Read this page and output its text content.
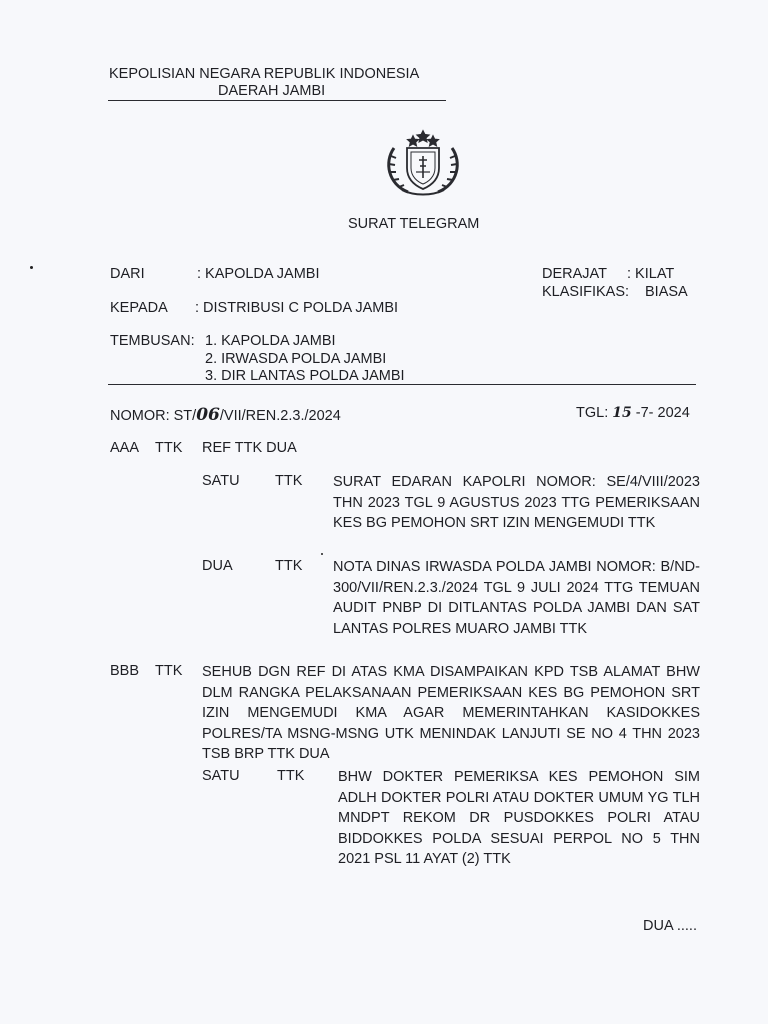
KEPOLISIAN NEGARA REPUBLIK INDONESIA
DAERAH JAMBI
SURAT TELEGRAM
DARI	: KAPOLDA JAMBI
KEPADA : DISTRIBUSI C POLDA JAMBI
DERAJAT : KILAT
KLASIFIKAS: BIASA
TEMBUSAN: 1. KAPOLDA JAMBI
2. IRWASDA POLDA JAMBI
3. DIR LANTAS POLDA JAMBI
NOMOR: ST/06/VII/REN.2.3./2024	TGL: 15 -7- 2024
AAA TTK REF TTK DUA
SATU TTK SURAT EDARAN KAPOLRI NOMOR: SE/4/VIII/2023 THN 2023 TGL 9 AGUSTUS 2023 TTG PEMERIKSAAN KES BG PEMOHON SRT IZIN MENGEMUDI TTK
DUA	TTK NOTA DINAS IRWASDA POLDA JAMBI NOMOR: B/ND-300/VII/REN.2.3./2024 TGL 9 JULI 2024 TTG TEMUAN AUDIT PNBP DI DITLANTAS POLDA JAMBI DAN SAT LANTAS POLRES MUARO JAMBI TTK
BBB TTK SEHUB DGN REF DI ATAS KMA DISAMPAIKAN KPD TSB ALAMAT BHW DLM RANGKA PELAKSANAAN PEMERIKSAAN KES BG PEMOHON SRT IZIN MENGEMUDI KMA AGAR MEMERINTAHKAN KASIDOKKES POLRES/TA MSNG-MSNG UTK MENINDAK LANJUTI SE NO 4 THN 2023 TSB BRP TTK DUA
SATU	TTK BHW DOKTER PEMERIKSA KES PEMOHON SIM ADLH DOKTER POLRI ATAU DOKTER UMUM YG TLH MNDPT REKOM DR PUSDOKKES POLRI ATAU BIDDOKKES POLDA SESUAI PERPOL NO 5 THN 2021 PSL 11 AYAT (2) TTK
DUA .....
